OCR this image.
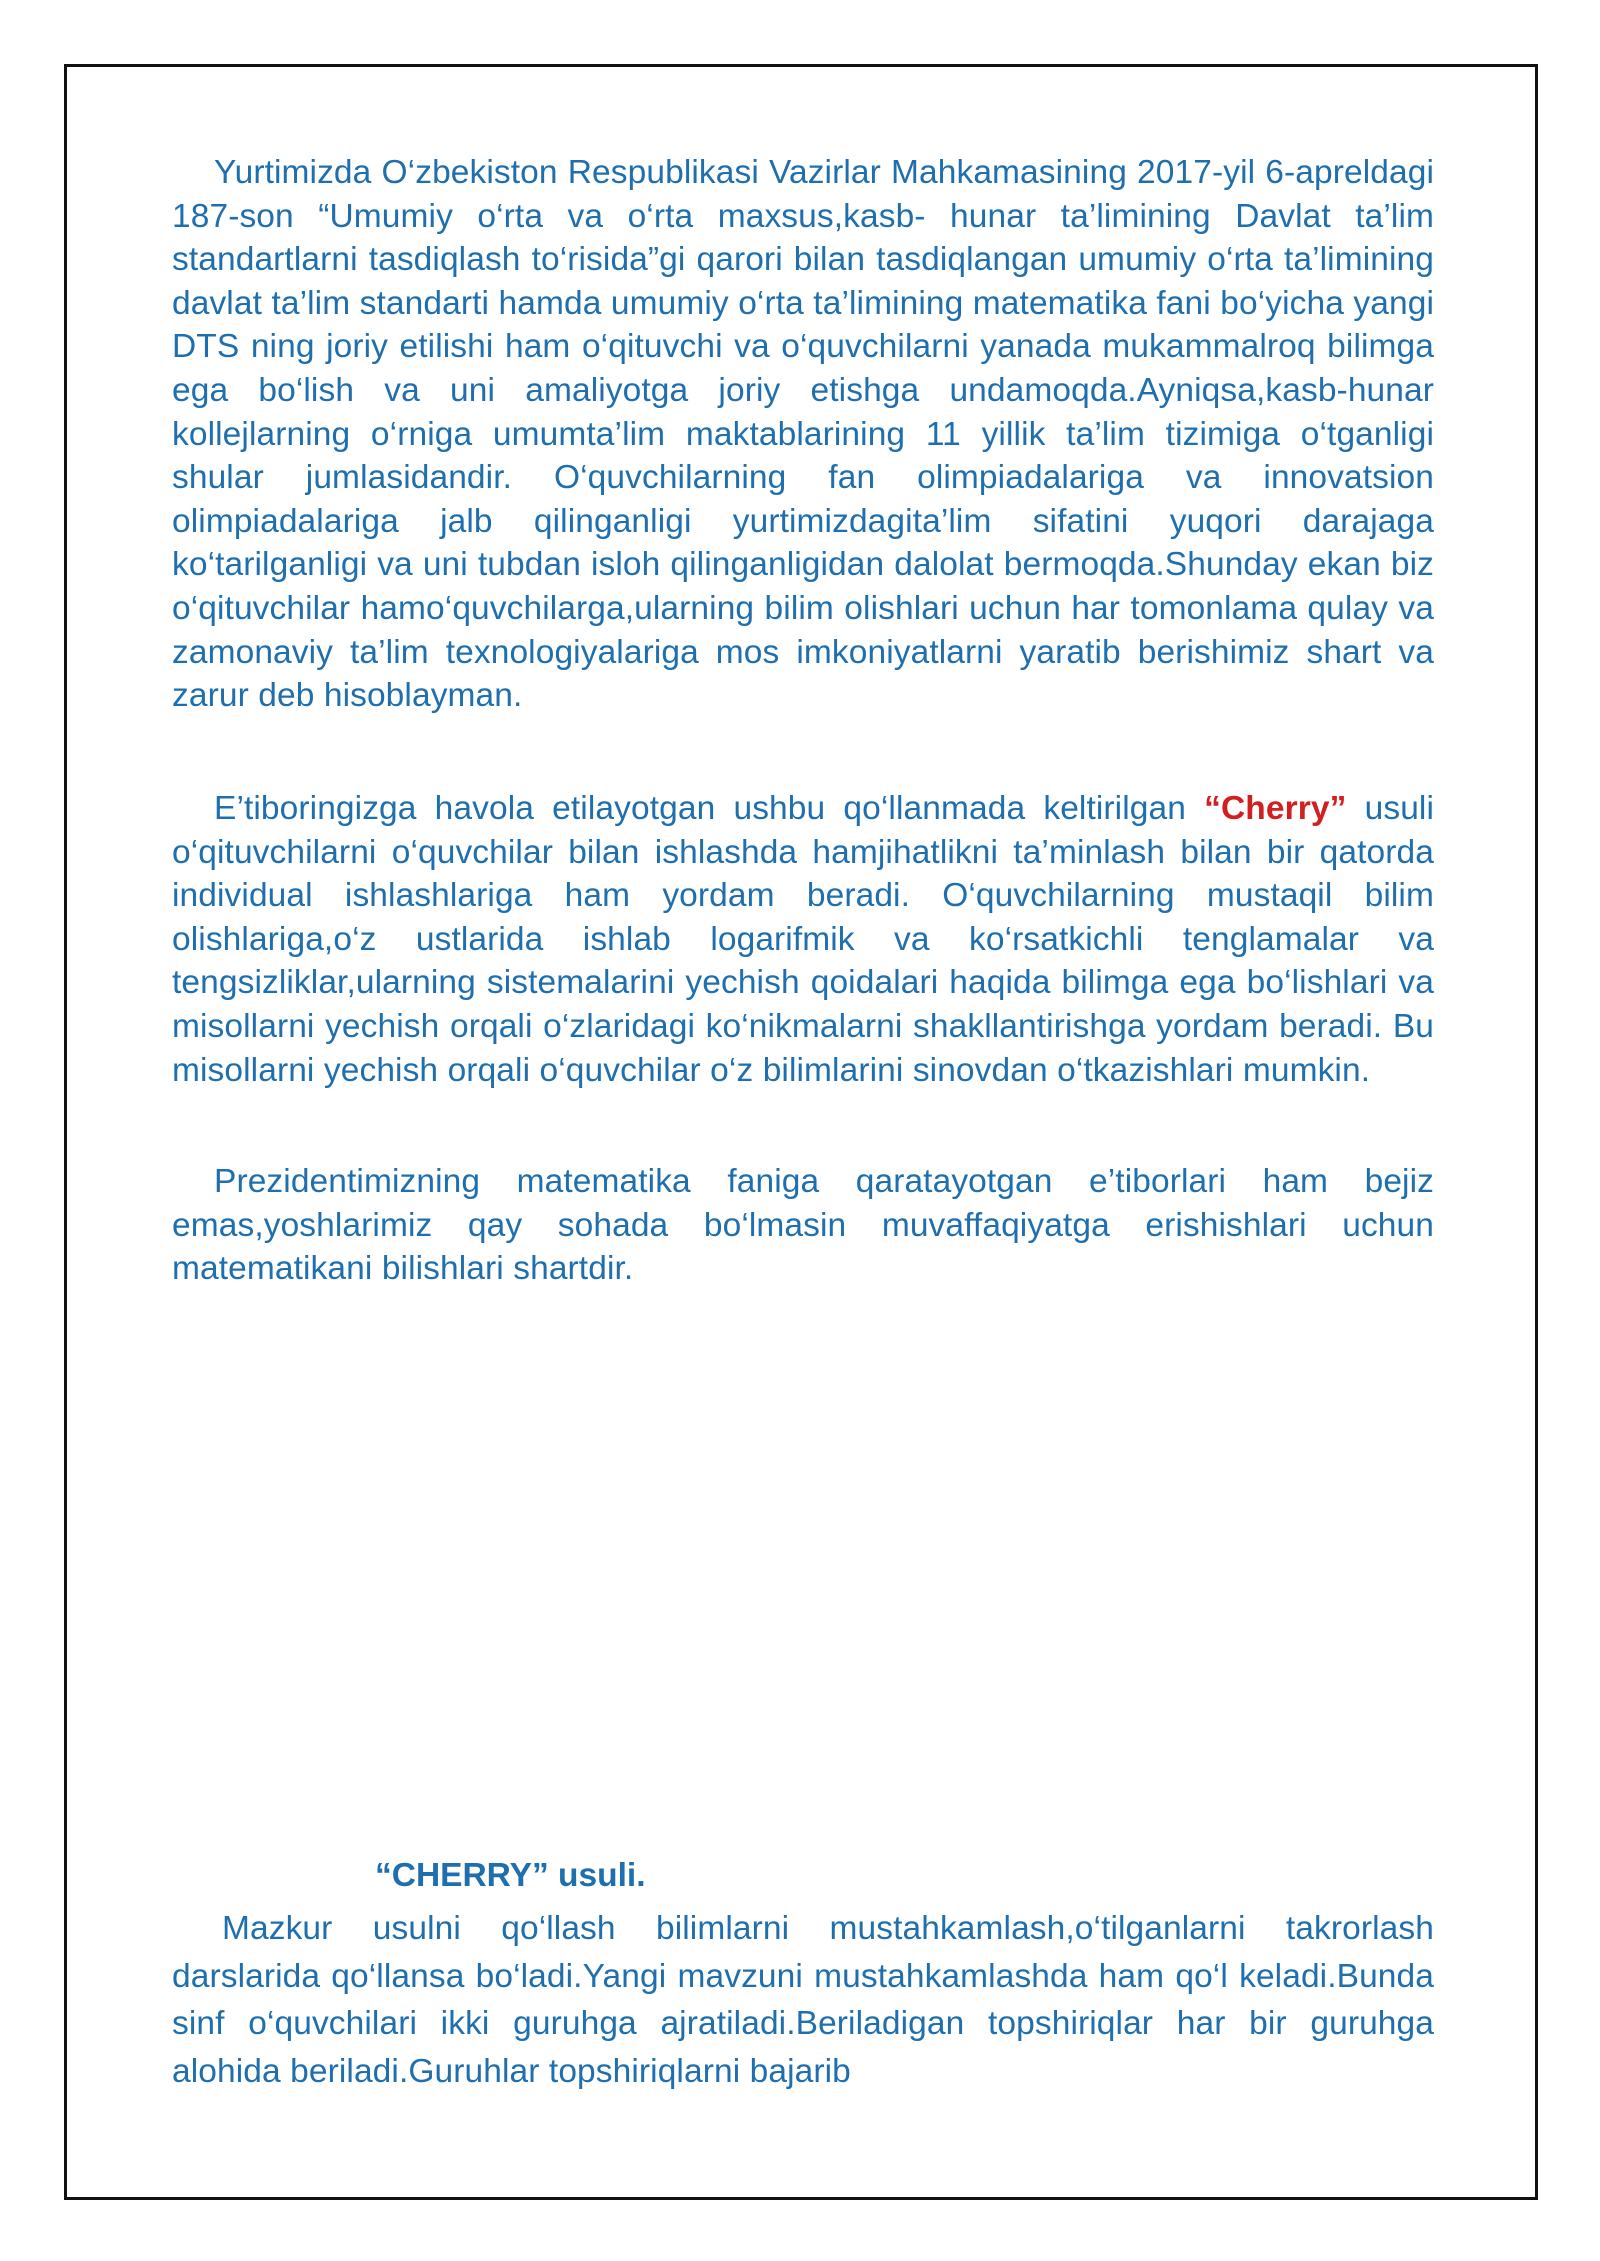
Yurtimizda O‘zbekiston Respublikasi Vazirlar Mahkamasining 2017-yil 6-apreldagi 187-son “Umumiy o‘rta va o‘rta maxsus,kasb- hunar ta’limining Davlat ta’lim standartlarni tasdiqlash to‘risida”gi qarori bilan tasdiqlangan umumiy o‘rta ta’limining davlat ta’lim standarti hamda umumiy o‘rta ta’limining matematika fani bo‘yicha yangi DTS ning joriy etilishi ham o‘qituvchi va o‘quvchilarni yanada mukammalroq bilimga ega bo‘lish va uni amaliyotga joriy etishga undamoqda.Ayniqsa,kasb-hunar kollejlarning o‘rniga umumta’lim maktablarining 11 yillik ta’lim tizimiga o‘tganligi shular jumlasidandir. O‘quvchilarning fan olimpiadalariga va innovatsion olimpiadalariga jalb qilinganligi yurtimizdagita’lim sifatini yuqori darajaga ko‘tarilganligi va uni tubdan isloh qilinganligidan dalolat bermoqda.Shunday ekan biz o‘qituvchilar hamo‘quvchilarga,ularning bilim olishlari uchun har tomonlama qulay va zamonaviy ta’lim texnologiyalariga mos imkoniyatlarni yaratib berishimiz shart va zarur deb hisoblayman.

E’tiboringizga havola etilayotgan ushbu qo‘llanmada keltirilgan “Cherry” usuli o‘qituvchilarni o‘quvchilar bilan ishlashda hamjihatlikni ta’minlash bilan bir qatorda individual ishlashlariga ham yordam beradi. O‘quvchilarning mustaqil bilim olishlariga,o‘z ustlarida ishlab logarifmik va ko‘rsatkichli tenglamalar va tengsizliklar,ularning sistemalarini yechish qoidalari haqida bilimga ega bo‘lishlari va misollarni yechish orqali o‘zlaridagi ko‘nikmalarni shakllantirishga yordam beradi. Bu misollarni yechish orqali o‘quvchilar o‘z bilimlarini sinovdan o‘tkazishlari mumkin.

Prezidentimizning matematika faniga qaratayotgan e’tiborlari ham bejiz emas,yoshlarimiz qay sohada bo‘lmasin muvaffaqiyatga erishishlari uchun matematikani bilishlari shartdir.

“CHERRY” usuli.

Mazkur usulni qo‘llash bilimlarni mustahkamlash,o‘tilganlarni takrorlash darslarida qo‘llansa bo‘ladi.Yangi mavzuni mustahkamlashda ham qo‘l keladi.Bunda sinf o‘quvchilari ikki guruhga ajratiladi.Beriladigan topshiriqlar har bir guruhga alohida beriladi.Guruhlar topshiriqlarni bajarib
